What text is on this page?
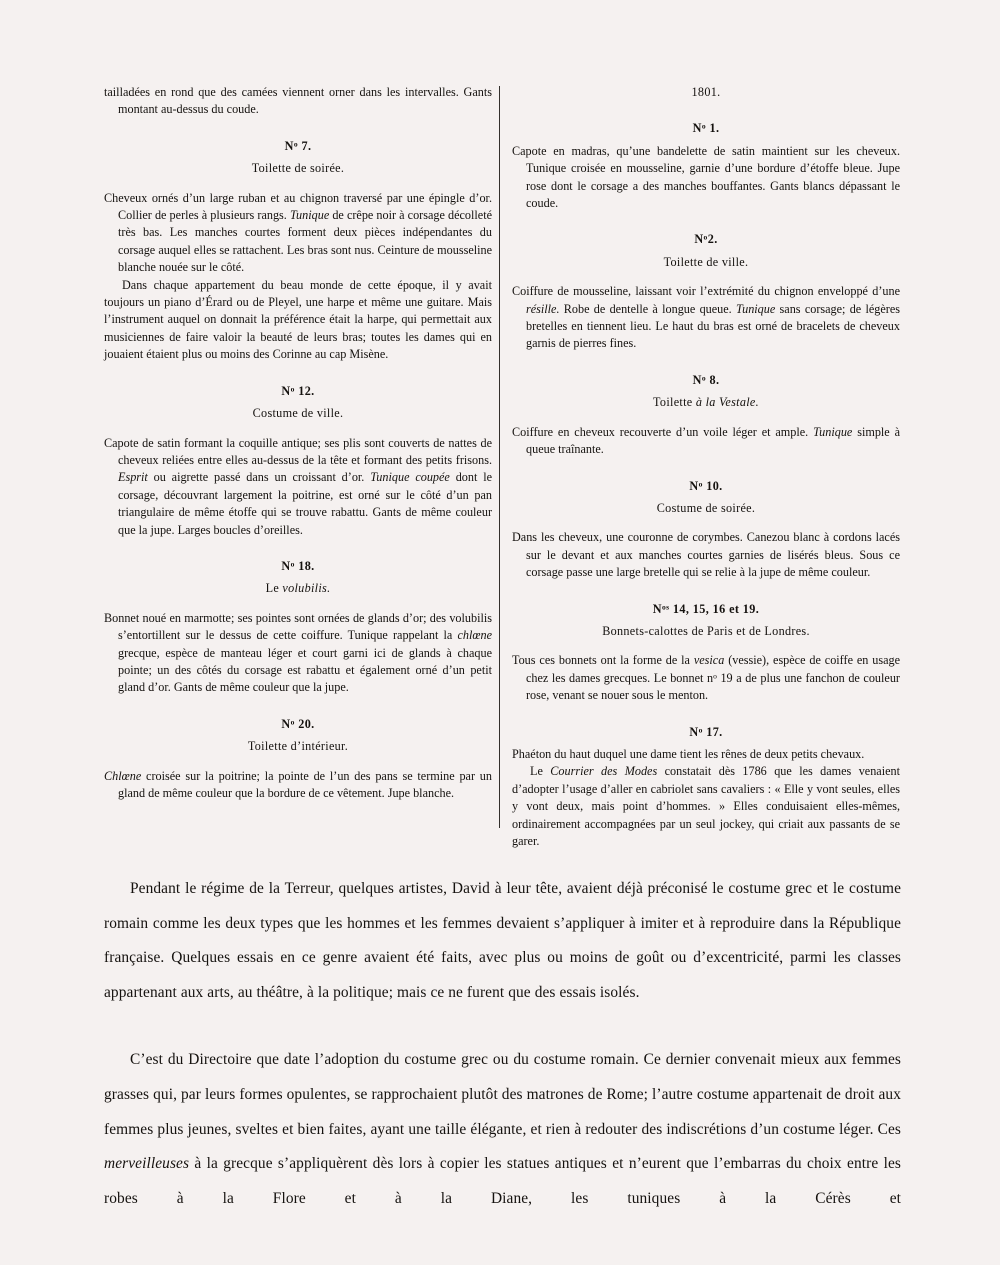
tailladées en rond que des camées viennent orner dans les intervalles. Gants montant au-dessus du coude.

$N^o$ 7.
Toilette de soirée.

Cheveux ornés d’un large ruban et au chignon traversé par une épingle d’or. Collier de perles à plusieurs rangs. Tunique de crêpe noir à corsage décolleté très bas. Les manches courtes forment deux pièces indépendantes du corsage auquel elles se rattachent. Les bras sont nus. Ceinture de mousseline blanche nouée sur le côté.

Dans chaque appartement du beau monde de cette époque, il y avait toujours un piano d’Érard ou de Pleyel, une harpe et même une guitare. Mais l’instrument auquel on donnait la préférence était la harpe, qui permettait aux musiciennes de faire valoir la beauté de leurs bras; toutes les dames qui en jouaient étaient plus ou moins des Corinne au cap Misène.

$N^o$ 12.
Costume de ville.

Capote de satin formant la coquille antique; ses plis sont couverts de nattes de cheveux reliées entre elles au-dessus de la tête et formant des petits frisons. Esprit ou aigrette passé dans un croissant d’or. Tunique coupée dont le corsage, découvrant largement la poitrine, est orné sur le côté d’un pan triangulaire de même étoffe qui se trouve rabattu. Gants de même couleur que la jupe. Larges boucles d’oreilles.

$N^o$ 18.
Le volubilis.

Bonnet noué en marmotte; ses pointes sont ornées de glands d’or; des volubilis s’entortillent sur le dessus de cette coiffure. Tunique rappelant la chlœne grecque, espèce de manteau léger et court garni ici de glands à chaque pointe; un des côtés du corsage est rabattu et également orné d’un petit gland d’or. Gants de même couleur que la jupe.

$N^o$ 20.
Toilette d’intérieur.

Chlœne croisée sur la poitrine; la pointe de l’un des pans se termine par un gland de même couleur que la bordure de ce vêtement. Jupe blanche.

1801.
$N^o$ 1.

Capote en madras, qu’une bandelette de satin maintient sur les cheveux. Tunique croisée en mousseline, garnie d’une bordure d’étoffe bleue. Jupe rose dont le corsage a des manches bouffantes. Gants blancs dépassant le coude.

$N^o2$.
Toilette de ville.

Coiffure de mousseline, laissant voir l’extrémité du chignon enveloppé d’une résille. Robe de dentelle à longue queue. Tunique sans corsage; de légères bretelles en tiennent lieu. Le haut du bras est orné de bracelets de cheveux garnis de pierres fines.

$N^o$ 8.
Toilette à la Vestale.

Coiffure en cheveux recouverte d’un voile léger et ample. Tunique simple à queue traînante.

$N^o$ 10.
Costume de soirée.

Dans les cheveux, une couronne de corymbes. Canezou blanc à cordons lacés sur le devant et aux manches courtes garnies de lisérés bleus. Sous ce corsage passe une large bretelle qui se relie à la jupe de même couleur.

$N^{os}$ 14, 15, 16 et 19.
Bonnets-calottes de Paris et de Londres.

Tous ces bonnets ont la forme de la vesica (vessie), espèce de coiffe en usage chez les dames grecques. Le bonnet $n^o$ 19 a de plus une fanchon de couleur rose, venant se nouer sous le menton.

$N^o$ 17.

Phaéton du haut duquel une dame tient les rênes de deux petits chevaux.

Le Courrier des Modes constatait dès 1786 que les dames venaient d’adopter l’usage d’aller en cabriolet sans cavaliers : « Elle y vont seules, elles y vont deux, mais point d’hommes. » Elles conduisaient elles-mêmes, ordinairement accompagnées par un seul jockey, qui criait aux passants de se garer.

Pendant le régime de la Terreur, quelques artistes, David à leur tête, avaient déjà préconisé le costume grec et le costume romain comme les deux types que les hommes et les femmes devaient s’appliquer à imiter et à reproduire dans la République française. Quelques essais en ce genre avaient été faits, avec plus ou moins de goût ou d’excentricité, parmi les classes appartenant aux arts, au théâtre, à la politique; mais ce ne furent que des essais isolés.

C’est du Directoire que date l’adoption du costume grec ou du costume romain. Ce dernier convenait mieux aux femmes grasses qui, par leurs formes opulentes, se rapprochaient plutôt des matrones de Rome; l’autre costume appartenait de droit aux femmes plus jeunes, sveltes et bien faites, ayant une taille élégante, et rien à redouter des indiscrétions d’un costume léger. Ces merveilleuses à la grecque s’appliquèrent dès lors à copier les statues antiques et n’eurent que l’embarras du choix entre les robes à la Flore et à la Diane, les tuniques à la Cérès et
